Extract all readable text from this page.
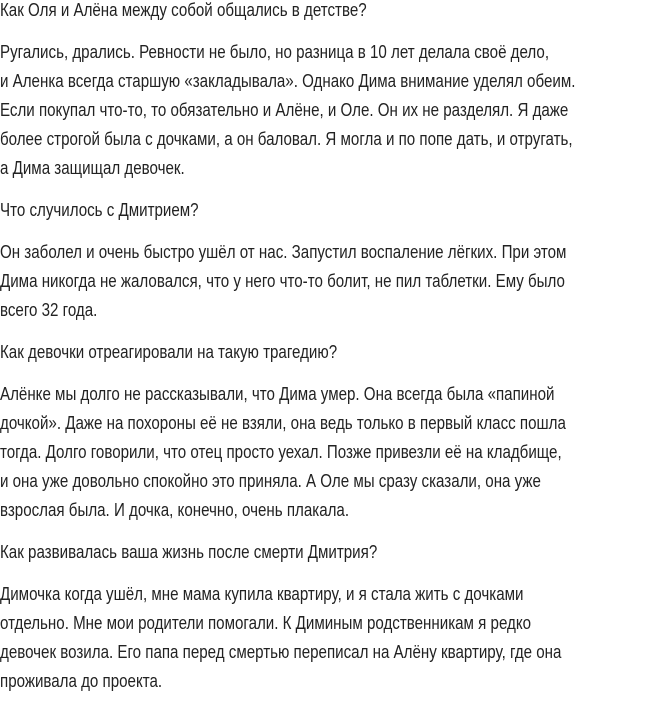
Как Оля и Алёна между собой общались в детстве?
Ругались, дрались. Ревности не было, но разница в 10 лет делала своё дело,
и Аленка всегда старшую «закладывала». Однако Дима внимание уделял обеим.
Если покупал что-то, то обязательно и Алёне, и Оле. Он их не разделял. Я даже
более строгой была с дочками, а он баловал. Я могла и по попе дать, и отругать,
а Дима защищал девочек.
Что случилось с Дмитрием?
Он заболел и очень быстро ушёл от нас. Запустил воспаление лёгких. При этом
Дима никогда не жаловался, что у него что-то болит, не пил таблетки. Ему было
всего 32 года.
Как девочки отреагировали на такую трагедию?
Алёнке мы долго не рассказывали, что Дима умер. Она всегда была «папиной
дочкой». Даже на похороны её не взяли, она ведь только в первый класс пошла
тогда. Долго говорили, что отец просто уехал. Позже привезли её на кладбище,
и она уже довольно спокойно это приняла. А Оле мы сразу сказали, она уже
взрослая была. И дочка, конечно, очень плакала.
Как развивалась ваша жизнь после смерти Дмитрия?
Димочка когда ушёл, мне мама купила квартиру, и я стала жить с дочками
отдельно. Мне мои родители помогали. К Диминым родственникам я редко
девочек возила. Его папа перед смертью переписал на Алёну квартиру, где она
проживала до проекта.
